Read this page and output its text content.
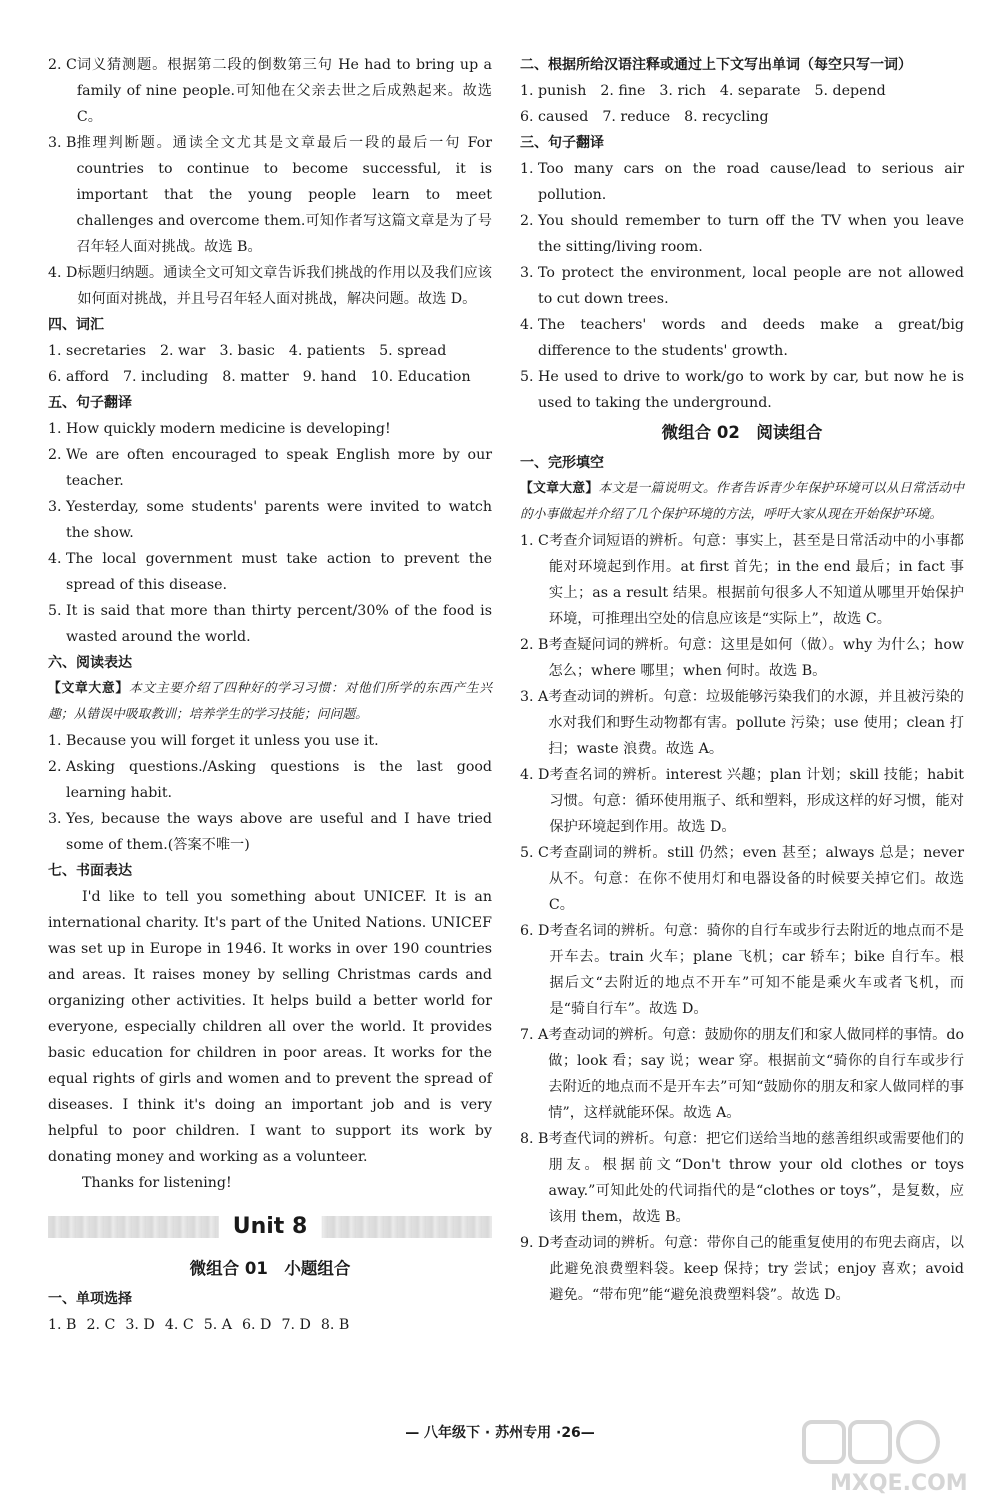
2. C 词义猜测题。根据第二段的倒数第三句 He had to bring up a family of nine people.可知他在父亲去世之后成熟起来。故选 C。
3. B 推理判断题。通读全文尤其是文章最后一段的最后一句 For countries to continue to become successful, it is important that the young people learn to meet challenges and overcome them.可知作者写这篇文章是为了号召年轻人面对挑战。故选 B。
4. D 标题归纳题。通读全文可知文章告诉我们挑战的作用以及我们应该如何面对挑战，并且号召年轻人面对挑战，解决问题。故选 D。

四、词汇

1. secretaries 2. war 3. basic 4. patients 5. spread
6. afford 7. including 8. matter 9. hand 10. Education

五、句子翻译

1. How quickly modern medicine is developing!
2. We are often encouraged to speak English more by our teacher.
3. Yesterday, some students' parents were invited to watch the show.
4. The local government must take action to prevent the spread of this disease.
5. It is said that more than thirty percent/30% of the food is wasted around the world.

六、阅读表达

【文章大意】本文主要介绍了四种好的学习习惯：对他们所学的东西产生兴趣；从错误中吸取教训；培养学生的学习技能；问问题。

1. Because you will forget it unless you use it.
2. Asking questions./Asking questions is the last good learning habit.
3. Yes, because the ways above are useful and I have tried some of them.(答案不唯一)

七、书面表达

I'd like to tell you something about UNICEF. It is an international charity. It's part of the United Nations. UNICEF was set up in Europe in 1946. It works in over 190 countries and areas. It raises money by selling Christmas cards and organizing other activities. It helps build a better world for everyone, especially children all over the world. It provides basic education for children in poor areas. It works for the equal rights of girls and women and to prevent the spread of diseases. I think it's doing an important job and is very helpful to poor children. I want to support its work by donating money and working as a volunteer.

Thanks for listening!

Unit 8

微组合 01　小题组合

一、单项选择

1. B 2. C 3. D 4. C 5. A 6. D 7. D 8. B

二、根据所给汉语注释或通过上下文写出单词（每空只写一词）

1. punish 2. fine 3. rich 4. separate 5. depend
6. caused 7. reduce 8. recycling

三、句子翻译

1. Too many cars on the road cause/lead to serious air pollution.
2. You should remember to turn off the TV when you leave the sitting/living room.
3. To protect the environment, local people are not allowed to cut down trees.
4. The teachers' words and deeds make a great/big difference to the students' growth.
5. He used to drive to work/go to work by car, but now he is used to taking the underground.

微组合 02　阅读组合

一、完形填空

【文章大意】本文是一篇说明文。作者告诉青少年保护环境可以从日常活动中的小事做起并介绍了几个保护环境的方法，呼吁大家从现在开始保护环境。

1. C 考查介词短语的辨析。句意：事实上，甚至是日常活动中的小事都能对环境起到作用。at first 首先；in the end 最后；in fact 事实上；as a result 结果。根据前句很多人不知道从哪里开始保护环境，可推理出空处的信息应该是“实际上”，故选 C。
2. B 考查疑问词的辨析。句意：这里是如何（做）。why 为什么；how 怎么；where 哪里；when 何时。故选 B。
3. A 考查动词的辨析。句意：垃圾能够污染我们的水源，并且被污染的水对我们和野生动物都有害。pollute 污染；use 使用；clean 打扫；waste 浪费。故选 A。
4. D 考查名词的辨析。interest 兴趣；plan 计划；skill 技能；habit 习惯。句意：循环使用瓶子、纸和塑料，形成这样的好习惯，能对保护环境起到作用。故选 D。
5. C 考查副词的辨析。still 仍然；even 甚至；always 总是；never 从不。句意：在你不使用灯和电器设备的时候要关掉它们。故选 C。
6. D 考查名词的辨析。句意：骑你的自行车或步行去附近的地点而不是开车去。train 火车；plane 飞机；car 轿车；bike 自行车。根据后文“去附近的地点不开车”可知不能是乘火车或者飞机，而是“骑自行车”。故选 D。
7. A 考查动词的辨析。句意：鼓励你的朋友们和家人做同样的事情。do 做；look 看；say 说；wear 穿。根据前文“骑你的自行车或步行去附近的地点而不是开车去”可知“鼓励你的朋友和家人做同样的事情”，这样就能环保。故选 A。
8. B 考查代词的辨析。句意：把它们送给当地的慈善组织或需要他们的朋友。根据前文“Don't throw your old clothes or toys away.”可知此处的代词指代的是“clothes or toys”，是复数，应该用 them，故选 B。
9. D 考查动词的辨析。句意：带你自己的能重复使用的布兜去商店，以此避免浪费塑料袋。keep 保持；try 尝试；enjoy 喜欢；avoid 避免。“带布兜”能“避免浪费塑料袋”。故选 D。
— 八年级下 · 苏州专用 ·26—
MXQE.COM
